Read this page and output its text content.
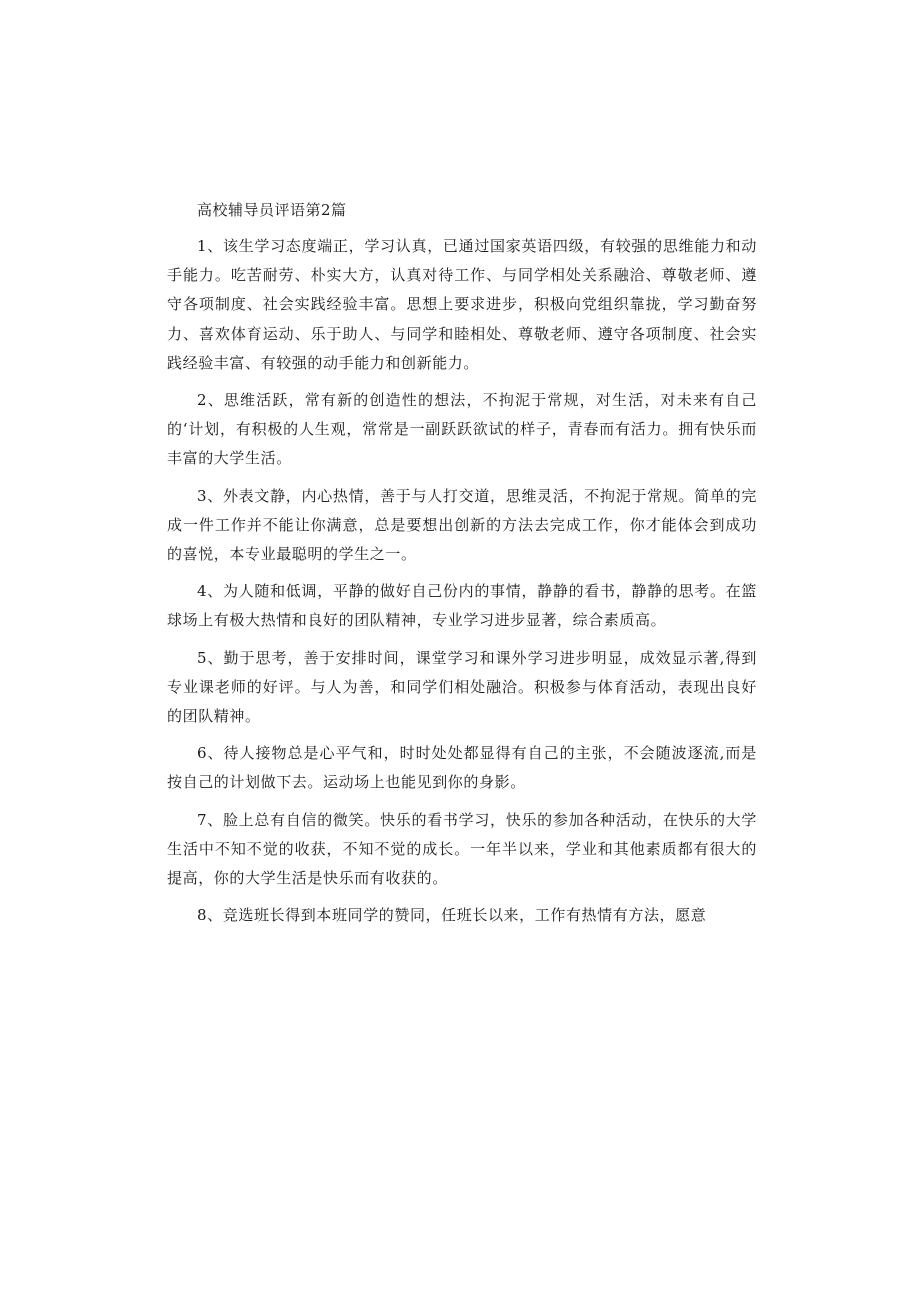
高校辅导员评语第2篇

1、该生学习态度端正，学习认真，已通过国家英语四级，有较强的思维能力和动手能力。吃苦耐劳、朴实大方，认真对待工作、与同学相处关系融洽、尊敬老师、遵守各项制度、社会实践经验丰富。思想上要求进步，积极向党组织靠拢，学习勤奋努力、喜欢体育运动、乐于助人、与同学和睦相处、尊敬老师、遵守各项制度、社会实践经验丰富、有较强的动手能力和创新能力。

2、思维活跃，常有新的创造性的想法，不拘泥于常规，对生活，对未来有自己的‘计划，有积极的人生观，常常是一副跃跃欲试的样子，青春而有活力。拥有快乐而丰富的大学生活。

3、外表文静，内心热情，善于与人打交道，思维灵活，不拘泥于常规。简单的完成一件工作并不能让你满意，总是要想出创新的方法去完成工作，你才能体会到成功的喜悦，本专业最聪明的学生之一。

4、为人随和低调，平静的做好自己份内的事情，静静的看书，静静的思考。在篮球场上有极大热情和良好的团队精神，专业学习进步显著，综合素质高。

5、勤于思考，善于安排时间，课堂学习和课外学习进步明显，成效显示著,得到专业课老师的好评。与人为善，和同学们相处融洽。积极参与体育活动，表现出良好的团队精神。

6、待人接物总是心平气和，时时处处都显得有自己的主张，不会随波逐流,而是按自己的计划做下去。运动场上也能见到你的身影。

7、脸上总有自信的微笑。快乐的看书学习，快乐的参加各种活动，在快乐的大学生活中不知不觉的收获，不知不觉的成长。一年半以来，学业和其他素质都有很大的提高，你的大学生活是快乐而有收获的。

8、竞选班长得到本班同学的赞同，任班长以来，工作有热情有方法，愿意
